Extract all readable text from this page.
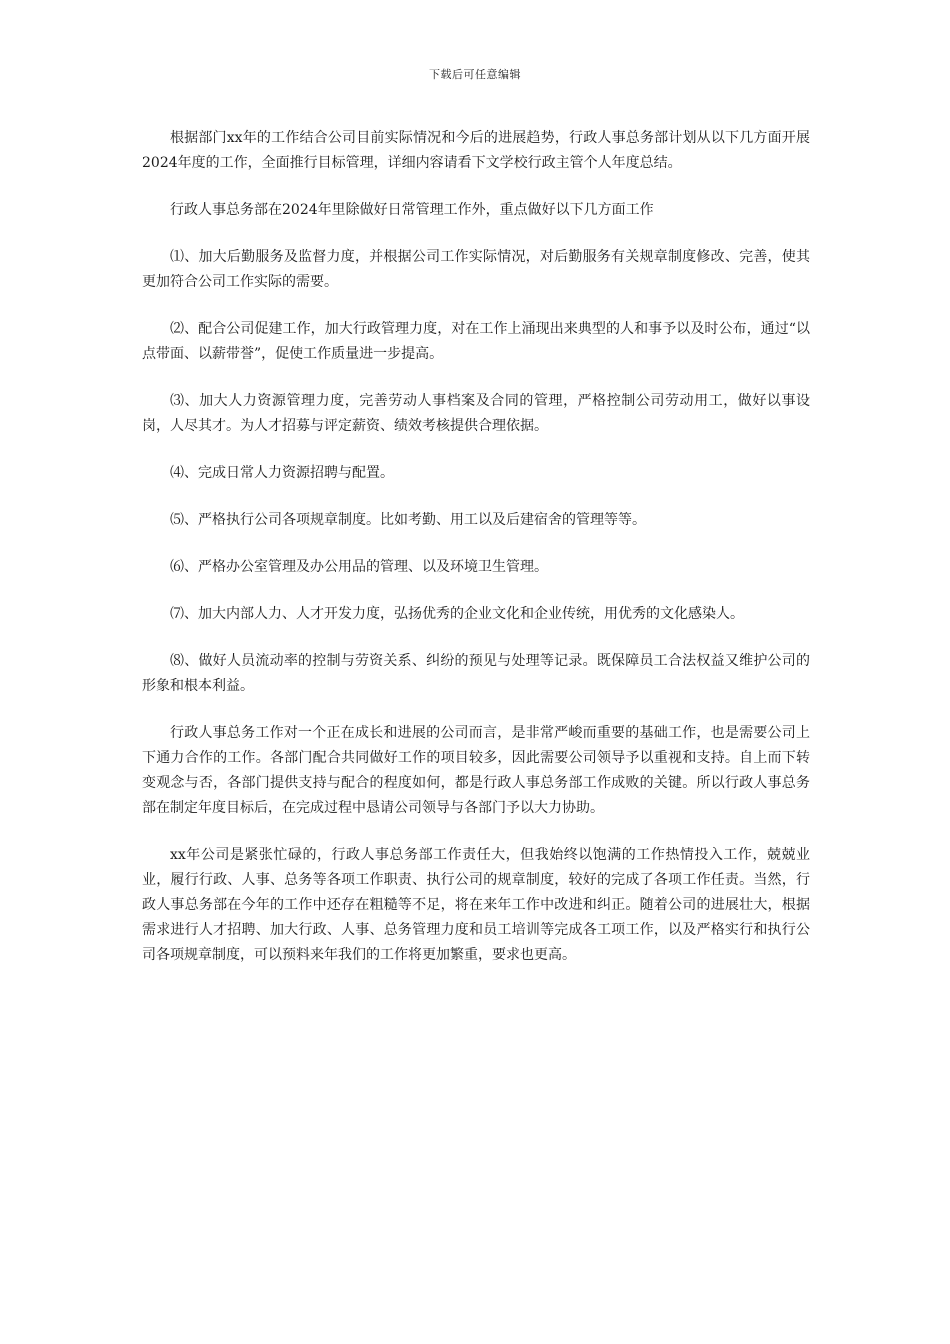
下载后可任意编辑

根据部门xx年的工作结合公司目前实际情况和今后的进展趋势，行政人事总务部计划从以下几方面开展2024年度的工作，全面推行目标管理，详细内容请看下文学校行政主管个人年度总结。

行政人事总务部在2024年里除做好日常管理工作外，重点做好以下几方面工作

⑴、加大后勤服务及监督力度，并根据公司工作实际情况，对后勤服务有关规章制度修改、完善，使其更加符合公司工作实际的需要。

⑵、配合公司促建工作，加大行政管理力度，对在工作上涌现出来典型的人和事予以及时公布，通过“以点带面、以薪带誉”，促使工作质量进一步提高。

⑶、加大人力资源管理力度，完善劳动人事档案及合同的管理，严格控制公司劳动用工，做好以事设岗，人尽其才。为人才招募与评定薪资、绩效考核提供合理依据。

⑷、完成日常人力资源招聘与配置。

⑸、严格执行公司各项规章制度。比如考勤、用工以及后建宿舍的管理等等。

⑹、严格办公室管理及办公用品的管理、以及环境卫生管理。

⑺、加大内部人力、人才开发力度，弘扬优秀的企业文化和企业传统，用优秀的文化感染人。

⑻、做好人员流动率的控制与劳资关系、纠纷的预见与处理等记录。既保障员工合法权益又维护公司的形象和根本利益。

行政人事总务工作对一个正在成长和进展的公司而言，是非常严峻而重要的基础工作，也是需要公司上下通力合作的工作。各部门配合共同做好工作的项目较多，因此需要公司领导予以重视和支持。自上而下转变观念与否，各部门提供支持与配合的程度如何，都是行政人事总务部工作成败的关键。所以行政人事总务部在制定年度目标后，在完成过程中恳请公司领导与各部门予以大力协助。

xx年公司是紧张忙碌的，行政人事总务部工作责任大，但我始终以饱满的工作热情投入工作，兢兢业业，履行行政、人事、总务等各项工作职责、执行公司的规章制度，较好的完成了各项工作任责。当然，行政人事总务部在今年的工作中还存在粗糙等不足，将在来年工作中改进和纠正。随着公司的进展壮大，根据需求进行人才招聘、加大行政、人事、总务管理力度和员工培训等完成各工项工作，以及严格实行和执行公司各项规章制度，可以预料来年我们的工作将更加繁重，要求也更高。
